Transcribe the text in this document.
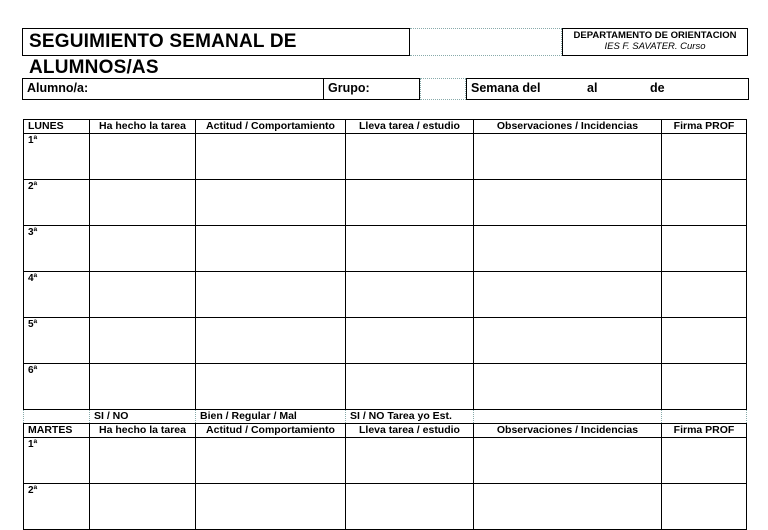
SEGUIMIENTO SEMANAL DE ALUMNOS/AS
DEPARTAMENTO DE ORIENTACION
IES F. SAVATER. Curso
Alumno/a:	Grupo:	Semana del	al	de
LUNES	Ha hecho la tarea	Actitud / Comportamiento	Lleva tarea / estudio	Observaciones / Incidencias	Firma PROF
1ª					
2ª					
3ª					
4ª					
5ª					
6ª					
	SI / NO	Bien / Regular / Mal	SI / NO Tarea yo Est.		
MARTES	Ha hecho la tarea	Actitud / Comportamiento	Lleva tarea / estudio	Observaciones / Incidencias	Firma PROF
1ª					
2ª					
